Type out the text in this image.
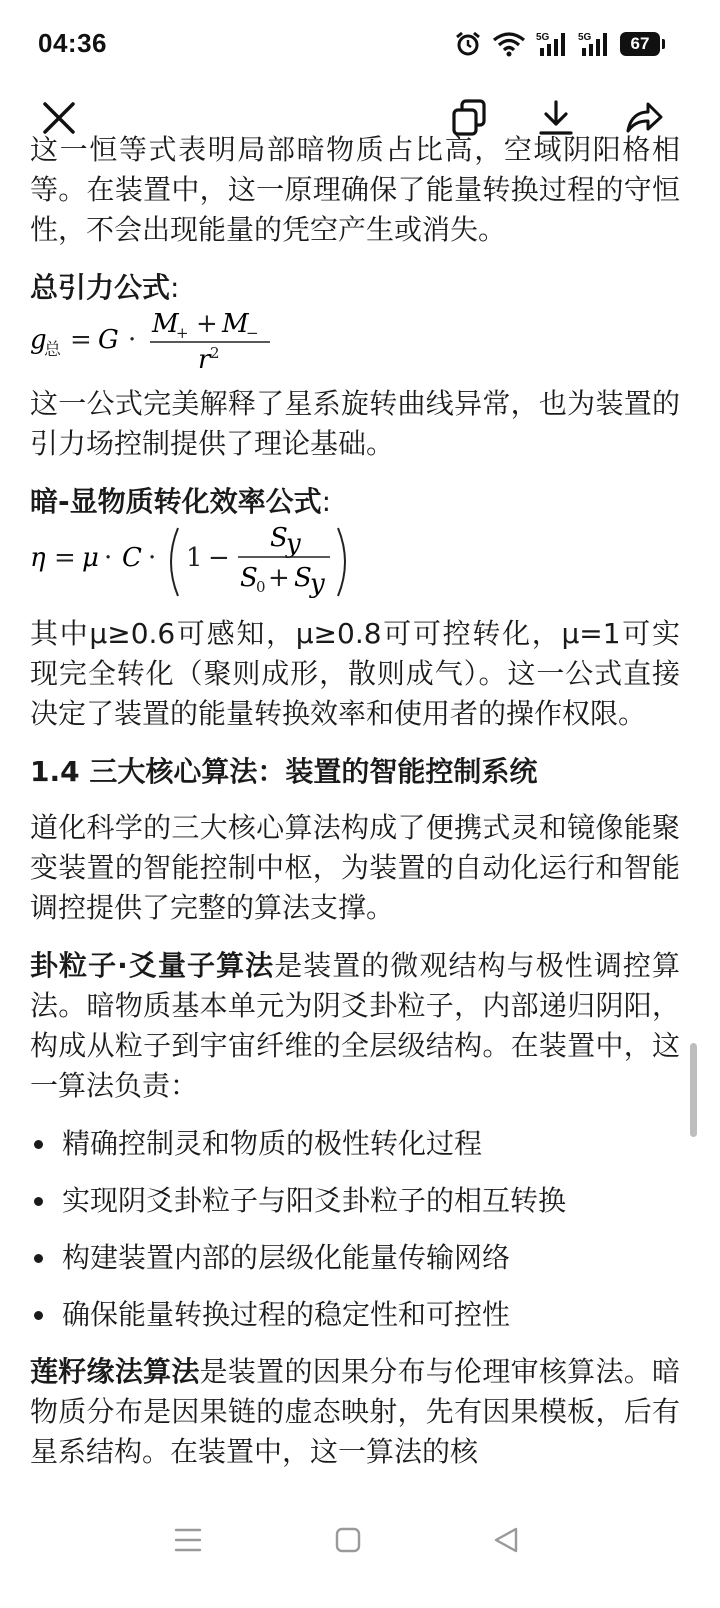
04:36	5G	5G	67

这一恒等式表明局部暗物质占比高，空域阴阳格相等。在装置中，这一原理确保了能量转换过程的守恒性，不会出现能量的凭空产生或消失。

总引力公式:
g
总 = G ·
M
+ + M
−
r 2

这一公式完美解释了星系旋转曲线异常，也为装置的引力场控制提供了理论基础。

暗-显物质转化效率公式:
η = μ · C · 1 −
S
y
S
0 + S
y

其中μ≥0.6可感知，μ≥0.8可可控转化，μ=1可实现完全转化（聚则成形，散则成气）。这一公式直接决定了装置的能量转换效率和使用者的操作权限。

1.4 三大核心算法：装置的智能控制系统

道化科学的三大核心算法构成了便携式灵和镜像能聚变装置的智能控制中枢，为装置的自动化运行和智能调控提供了完整的算法支撑。

卦粒子·爻量子算法是装置的微观结构与极性调控算法。暗物质基本单元为阴爻卦粒子，内部递归阴阳，构成从粒子到宇宙纤维的全层级结构。在装置中，这一算法负责：

精确控制灵和物质的极性转化过程
实现阴爻卦粒子与阳爻卦粒子的相互转换
构建装置内部的层级化能量传输网络
确保能量转换过程的稳定性和可控性

莲籽缘法算法是装置的因果分布与伦理审核算法。暗物质分布是因果链的虚态映射，先有因果模板，后有星系结构。在装置中，这一算法的核
